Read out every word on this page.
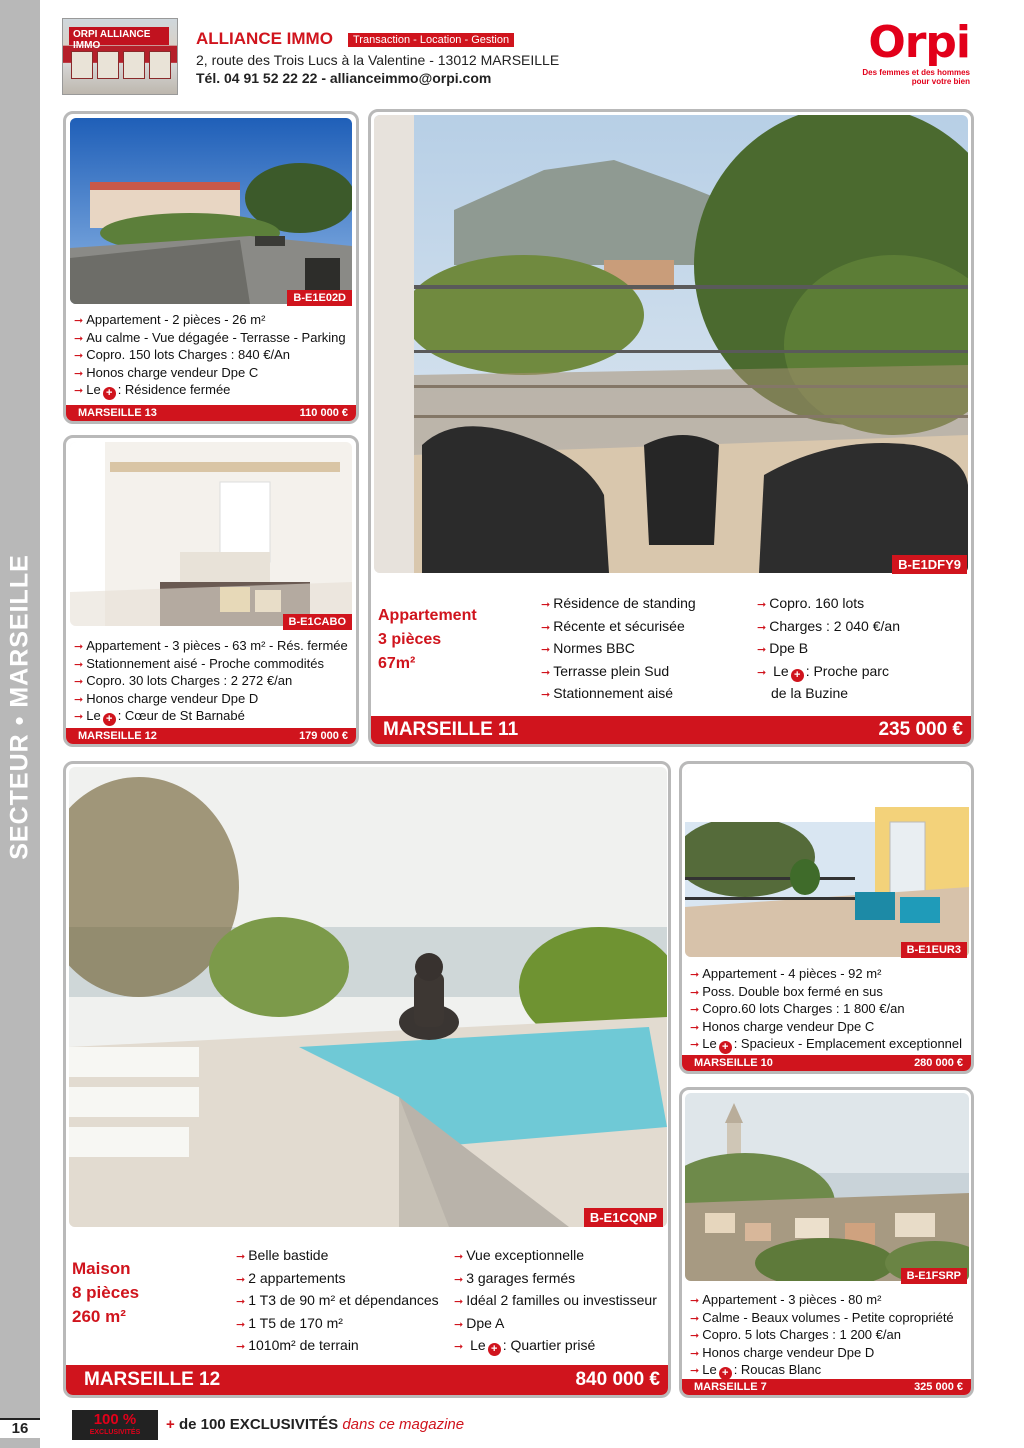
SECTEUR • MARSEILLE
16
ORPI ALLIANCE IMMO	ALLIANCE IMMO	Transaction - Location - Gestion
2, route des Trois Lucs à la Valentine - 13012 MARSEILLE
Tél. 04 91 52 22 22 - allianceimmo@orpi.com
Orpi
Des femmes et des hommes
pour votre bien
B-E1E02D
➞ Appartement - 2 pièces - 26 m²
➞ Au calme - Vue dégagée - Terrasse - Parking
➞ Copro. 150 lots Charges : 840 €/An
➞ Honos charge vendeur Dpe C
➞ Le + : Résidence fermée
MARSEILLE 13	110 000 €
B-E1CABO
➞ Appartement - 3 pièces - 63 m² - Rés. fermée
➞ Stationnement aisé - Proche commodités
➞ Copro. 30 lots Charges : 2 272 €/an
➞ Honos charge vendeur Dpe D
➞ Le + : Cœur de St Barnabé
MARSEILLE 12	179 000 €
B-E1DFY9
Appartement
3 pièces
67m²
➞ Résidence de standing
➞ Récente et sécurisée
➞ Normes BBC
➞ Terrasse plein Sud
➞ Stationnement aisé
➞ Copro. 160 lots
➞ Charges : 2 040 €/an
➞ Dpe B
➞ Le + : Proche parc
de la Buzine
MARSEILLE 11	235 000 €
B-E1EUR3
➞ Appartement - 4 pièces - 92 m²
➞ Poss. Double box fermé en sus
➞ Copro.60 lots Charges : 1 800 €/an
➞ Honos charge vendeur Dpe C
➞ Le + : Spacieux - Emplacement exceptionnel
MARSEILLE 10	280 000 €
B-E1CQNP
Maison
8 pièces
260 m²
➞ Belle bastide
➞ 2 appartements
➞ 1 T3 de 90 m² et dépendances
➞ 1 T5 de 170 m²
➞ 1010m² de terrain
➞ Vue exceptionnelle
➞ 3 garages fermés
➞ Idéal 2 familles ou investisseur
➞ Dpe A
➞ Le + : Quartier prisé
MARSEILLE 12	840 000 €
B-E1FSRP
➞ Appartement - 3 pièces - 80 m²
➞ Calme - Beaux volumes - Petite copropriété
➞ Copro. 5 lots Charges : 1 200 €/an
➞ Honos charge vendeur Dpe D
➞ Le + : Roucas Blanc
MARSEILLE 7	325 000 €
100 %
EXCLUSIVITÉS	+ de 100 EXCLUSIVITÉS dans ce magazine
